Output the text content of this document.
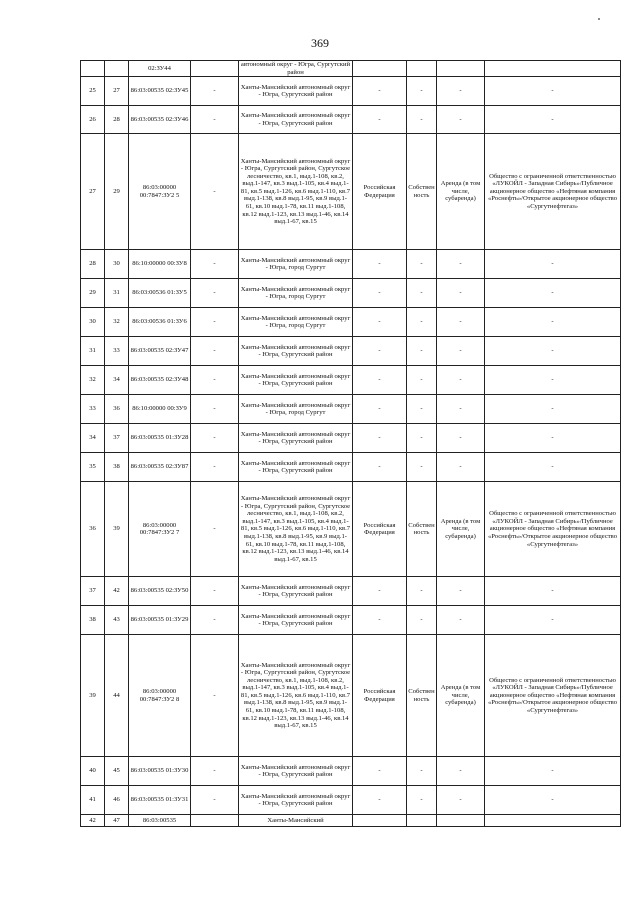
369
		02:ЗУ44		автономный округ - Югра, Сургутский район				
25	27	86:03:00535 02:ЗУ45	-	Ханты-Мансийский автономный округ - Югра, Сургутский район	-	-	-	-
26	28	86:03:00535 02:ЗУ46	-	Ханты-Мансийский автономный округ - Югра, Сургутский район	-	-	-	-
27	29	86:03:00000 00:7847:ЗУ2 5	-	Ханты-Мансийский автономный округ - Югра, Сургутский район, Сургутское лесничество, кв.1, выд.1-108, кв.2, выд.1-147, кв.3 выд.1-105, кв.4 выд.1-81, кв.5 выд.1-126, кв.6 выд.1-110, кв.7 выд.1-138, кв.8 выд.1-95, кв.9 выд.1-61, кв.10 выд.1-78, кв.11 выд.1-108, кв.12 выд.1-123, кв.13 выд.1-46, кв.14 выд.1-67, кв.15	Российская Федерация	Собственность	Аренда (в том числе, субаренда)	Общество с ограниченной ответственностью «ЛУКОЙЛ - Западная Сибирь»/Публичное акционерное общество «Нефтяная компания «Роснефть»/Открытое акционерное общество «Сургутнефтегаз»
28	30	86:10:00000 00:ЗУ8	-	Ханты-Мансийский автономный округ - Югра, город Сургут	-	-	-	-
29	31	86:03:00536 01:ЗУ5	-	Ханты-Мансийский автономный округ - Югра, город Сургут	-	-	-	-
30	32	86:03:00536 01:ЗУ6	-	Ханты-Мансийский автономный округ - Югра, город Сургут	-	-	-	-
31	33	86:03:00535 02:ЗУ47	-	Ханты-Мансийский автономный округ - Югра, Сургутский район	-	-	-	-
32	34	86:03:00535 02:ЗУ48	-	Ханты-Мансийский автономный округ - Югра, Сургутский район	-	-	-	-
33	36	86:10:00000 00:ЗУ9	-	Ханты-Мансийский автономный округ - Югра, город Сургут	-	-	-	-
34	37	86:03:00535 01:ЗУ28	-	Ханты-Мансийский автономный округ - Югра, Сургутский район	-	-	-	-
35	38	86:03:00535 02:ЗУ87	-	Ханты-Мансийский автономный округ - Югра, Сургутский район	-	-	-	-
36	39	86:03:00000 00:7847:ЗУ2 7	-	Ханты-Мансийский автономный округ - Югра, Сургутский район, Сургутское лесничество, кв.1, выд.1-108, кв.2, выд.1-147, кв.3 выд.1-105, кв.4 выд.1-81, кв.5 выд.1-126, кв.6 выд.1-110, кв.7 выд.1-138, кв.8 выд.1-95, кв.9 выд.1-61, кв.10 выд.1-78, кв.11 выд.1-108, кв.12 выд.1-123, кв.13 выд.1-46, кв.14 выд.1-67, кв.15	Российская Федерация	Собственность	Аренда (в том числе, субаренда)	Общество с ограниченной ответственностью «ЛУКОЙЛ - Западная Сибирь»/Публичное акционерное общество «Нефтяная компания «Роснефть»/Открытое акционерное общество «Сургутнефтегаз»
37	42	86:03:00535 02:ЗУ50	-	Ханты-Мансийский автономный округ - Югра, Сургутский район	-	-	-	-
38	43	86:03:00535 01:ЗУ29	-	Ханты-Мансийский автономный округ - Югра, Сургутский район	-	-	-	-
39	44	86:03:00000 00:7847:ЗУ2 8	-	Ханты-Мансийский автономный округ - Югра, Сургутский район, Сургутское лесничество, кв.1, выд.1-108, кв.2, выд.1-147, кв.3 выд.1-105, кв.4 выд.1-81, кв.5 выд.1-126, кв.6 выд.1-110, кв.7 выд.1-138, кв.8 выд.1-95, кв.9 выд.1-61, кв.10 выд.1-78, кв.11 выд.1-108, кв.12 выд.1-123, кв.13 выд.1-46, кв.14 выд.1-67, кв.15	Российская Федерация	Собственность	Аренда (в том числе, субаренда)	Общество с ограниченной ответственностью «ЛУКОЙЛ - Западная Сибирь»/Публичное акционерное общество «Нефтяная компания «Роснефть»/Открытое акционерное общество «Сургутнефтегаз»
40	45	86:03:00535 01:ЗУ30	-	Ханты-Мансийский автономный округ - Югра, Сургутский район	-	-	-	-
41	46	86:03:00535 01:ЗУ31	-	Ханты-Мансийский автономный округ - Югра, Сургутский район	-	-	-	-
42	47	86:03:00535		Ханты-Мансийский				
